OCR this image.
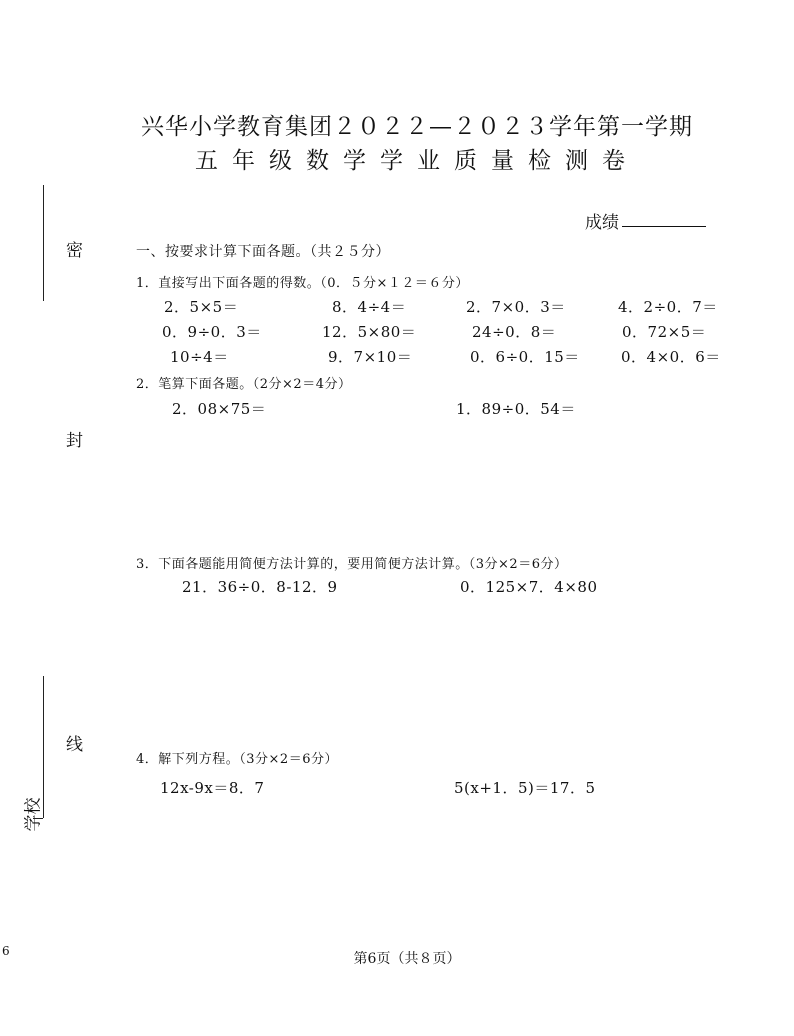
兴华小学教育集团２０２２—２０２３学年第一学期
五年级数学学业质量检测卷
成绩
密
封
线
学校
一、按要求计算下面各题。（共２５分）
1．直接写出下面各题的得数。（0．５分×１２＝６分）
2．5×5＝	8．4÷4＝	2．7×0．3＝	4．2÷0．7＝
0．9÷0．3＝	12．5×80＝	24÷0．8＝	0．72×5＝
10÷4＝	9．7×10＝	0．6÷0．15＝	0．4×0．6＝
2．笔算下面各题。（2分×2＝4分）
2．08×75＝	1．89÷0．54＝
3．下面各题能用简便方法计算的，要用简便方法计算。（3分×2＝6分）
21．36÷0．8-12．9	0．125×7．4×80
4．解下列方程。（3分×2＝6分）
12x-9x＝8．7	5(x+1．5)＝17．5
6	第6页（共８页）
